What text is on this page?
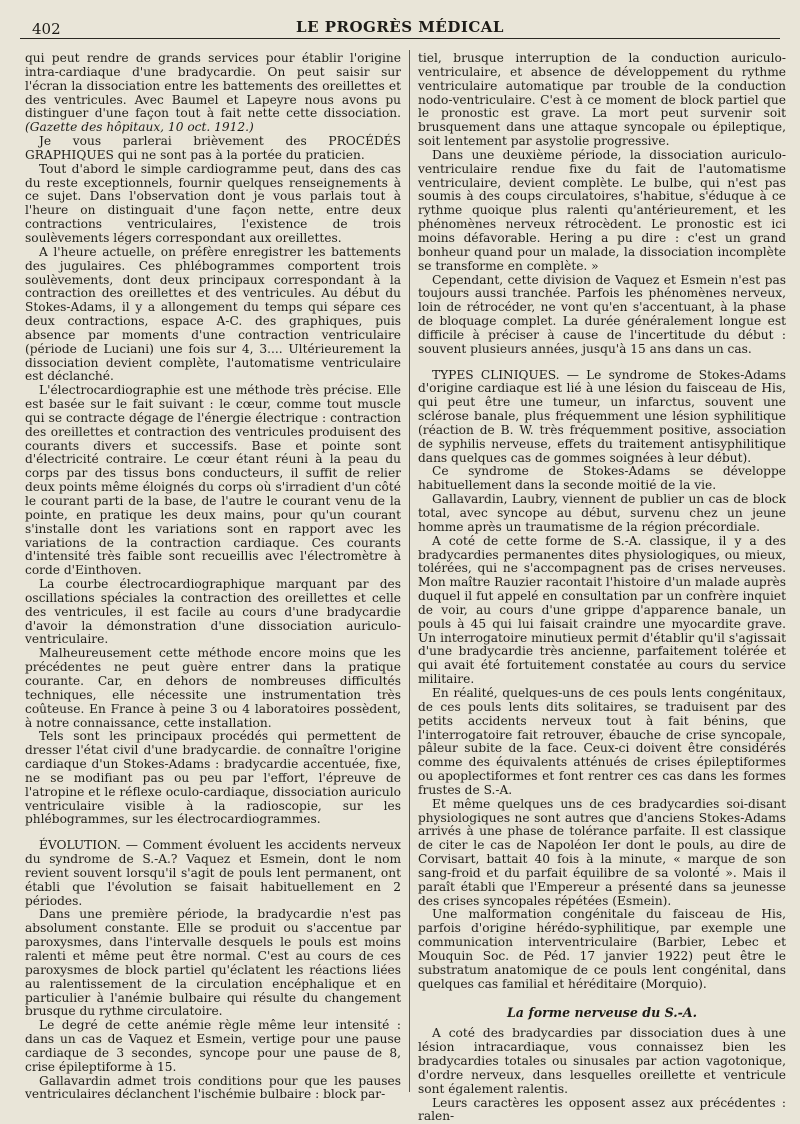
402	LE PROGRÈS MÉDICAL

qui peut rendre de grands services pour établir l'origine intra-cardiaque d'une bradycardie. On peut saisir sur l'écran la dissociation entre les battements des oreillettes et des ventricules. Avec Baumel et Lapeyre nous avons pu distinguer d'une façon tout à fait nette cette dissociation. (Gazette des hôpitaux, 10 oct. 1912.)

Je vous parlerai brièvement des PROCÉDÉS GRAPHIQUES qui ne sont pas à la portée du praticien.

Tout d'abord le simple cardiogramme peut, dans des cas du reste exceptionnels, fournir quelques renseignements à ce sujet. Dans l'observation dont je vous parlais tout à l'heure on distinguait d'une façon nette, entre deux contractions ventriculaires, l'existence de trois soulèvements légers correspondant aux oreillettes.

A l'heure actuelle, on préfère enregistrer les battements des jugulaires. Ces phlébogrammes comportent trois soulèvements, dont deux principaux correspondant à la contraction des oreillettes et des ventricules. Au début du Stokes-Adams, il y a allongement du temps qui sépare ces deux contractions, espace A-C. des graphiques, puis absence par moments d'une contraction ventriculaire (période de Luciani) une fois sur 4, 3.... Ultérieurement la dissociation devient complète, l'automatisme ventriculaire est déclanché.

L'électrocardiographie est une méthode très précise. Elle est basée sur le fait suivant : le cœur, comme tout muscle qui se contracte dégage de l'énergie électrique : contraction des oreillettes et contraction des ventricules produisent des courants divers et successifs. Base et pointe sont d'électricité contraire. Le cœur étant réuni à la peau du corps par des tissus bons conducteurs, il suffit de relier deux points même éloignés du corps où s'irradient d'un côté le courant parti de la base, de l'autre le courant venu de la pointe, en pratique les deux mains, pour qu'un courant s'installe dont les variations sont en rapport avec les variations de la contraction cardiaque. Ces courants d'intensité très faible sont recueillis avec l'électromètre à corde d'Einthoven.

La courbe électrocardiographique marquant par des oscillations spéciales la contraction des oreillettes et celle des ventricules, il est facile au cours d'une bradycardie d'avoir la démonstration d'une dissociation auriculo-ventriculaire.

Malheureusement cette méthode encore moins que les précédentes ne peut guère entrer dans la pratique courante. Car, en dehors de nombreuses difficultés techniques, elle nécessite une instrumentation très coûteuse. En France à peine 3 ou 4 laboratoires possèdent, à notre connaissance, cette installation.

Tels sont les principaux procédés qui permettent de dresser l'état civil d'une bradycardie. de connaître l'origine cardiaque d'un Stokes-Adams : bradycardie accentuée, fixe, ne se modifiant pas ou peu par l'effort, l'épreuve de l'atropine et le réflexe oculo-cardiaque, dissociation auriculo ventriculaire visible à la radioscopie, sur les phlébogrammes, sur les électrocardiogrammes.

ÉVOLUTION. — Comment évoluent les accidents nerveux du syndrome de S.-A.? Vaquez et Esmein, dont le nom revient souvent lorsqu'il s'agit de pouls lent permanent, ont établi que l'évolution se faisait habituellement en 2 périodes.

Dans une première période, la bradycardie n'est pas absolument constante. Elle se produit ou s'accentue par paroxysmes, dans l'intervalle desquels le pouls est moins ralenti et même peut être normal. C'est au cours de ces paroxysmes de block partiel qu'éclatent les réactions liées au ralentissement de la circulation encéphalique et en particulier à l'anémie bulbaire qui résulte du changement brusque du rythme circulatoire.

Le degré de cette anémie règle même leur intensité : dans un cas de Vaquez et Esmein, vertige pour une pause cardiaque de 3 secondes, syncope pour une pause de 8, crise épileptiforme à 15.

Gallavardin admet trois conditions pour que les pauses ventriculaires déclanchent l'ischémie bulbaire : block par-

tiel, brusque interruption de la conduction auriculo-ventriculaire, et absence de développement du rythme ventriculaire automatique par trouble de la conduction nodo-ventriculaire. C'est à ce moment de block partiel que le pronostic est grave. La mort peut survenir soit brusquement dans une attaque syncopale ou épileptique, soit lentement par asystolie progressive.

Dans une deuxième période, la dissociation auriculo-ventriculaire rendue fixe du fait de l'automatisme ventriculaire, devient complète. Le bulbe, qui n'est pas soumis à des coups circulatoires, s'habitue, s'éduque à ce rythme quoique plus ralenti qu'antérieurement, et les phénomènes nerveux rétrocèdent. Le pronostic est ici moins défavorable. Hering a pu dire : c'est un grand bonheur quand pour un malade, la dissociation incomplète se transforme en complète. »

Cependant, cette division de Vaquez et Esmein n'est pas toujours aussi tranchée. Parfois les phénomènes nerveux, loin de rétrocéder, ne vont qu'en s'accentuant, à la phase de bloquage complet. La durée généralement longue est difficile à préciser à cause de l'incertitude du début : souvent plusieurs années, jusqu'à 15 ans dans un cas.

TYPES CLINIQUES. — Le syndrome de Stokes-Adams d'origine cardiaque est lié à une lésion du faisceau de His, qui peut être une tumeur, un infarctus, souvent une sclérose banale, plus fréquemment une lésion syphilitique (réaction de B. W. très fréquemment positive, association de syphilis nerveuse, effets du traitement antisyphilitique dans quelques cas de gommes soignées à leur début).

Ce syndrome de Stokes-Adams se développe habituellement dans la seconde moitié de la vie.

Gallavardin, Laubry, viennent de publier un cas de block total, avec syncope au début, survenu chez un jeune homme après un traumatisme de la région précordiale.

A coté de cette forme de S.-A. classique, il y a des bradycardies permanentes dites physiologiques, ou mieux, tolérées, qui ne s'accompagnent pas de crises nerveuses. Mon maître Rauzier racontait l'histoire d'un malade auprès duquel il fut appelé en consultation par un confrère inquiet de voir, au cours d'une grippe d'apparence banale, un pouls à 45 qui lui faisait craindre une myocardite grave. Un interrogatoire minutieux permit d'établir qu'il s'agissait d'une bradycardie très ancienne, parfaitement tolérée et qui avait été fortuitement constatée au cours du service militaire.

En réalité, quelques-uns de ces pouls lents congénitaux, de ces pouls lents dits solitaires, se traduisent par des petits accidents nerveux tout à fait bénins, que l'interrogatoire fait retrouver, ébauche de crise syncopale, pâleur subite de la face. Ceux-ci doivent être considérés comme des équivalents atténués de crises épileptiformes ou apoplectiformes et font rentrer ces cas dans les formes frustes de S.-A.

Et même quelques uns de ces bradycardies soi-disant physiologiques ne sont autres que d'anciens Stokes-Adams arrivés à une phase de tolérance parfaite. Il est classique de citer le cas de Napoléon Ier dont le pouls, au dire de Corvisart, battait 40 fois à la minute, « marque de son sang-froid et du parfait équilibre de sa volonté ». Mais il paraît établi que l'Empereur a présenté dans sa jeunesse des crises syncopales répétées (Esmein).

Une malformation congénitale du faisceau de His, parfois d'origine hérédo-syphilitique, par exemple une communication interventriculaire (Barbier, Lebec et Mouquin Soc. de Péd. 17 janvier 1922) peut être le substratum anatomique de ce pouls lent congénital, dans quelques cas familial et héréditaire (Morquio).

La forme nerveuse du S.-A.

A coté des bradycardies par dissociation dues à une lésion intracardiaque, vous connaissez bien les bradycardies totales ou sinusales par action vagotonique, d'ordre nerveux, dans lesquelles oreillette et ventricule sont également ralentis.

Leurs caractères les opposent assez aux précédentes : ralen-
